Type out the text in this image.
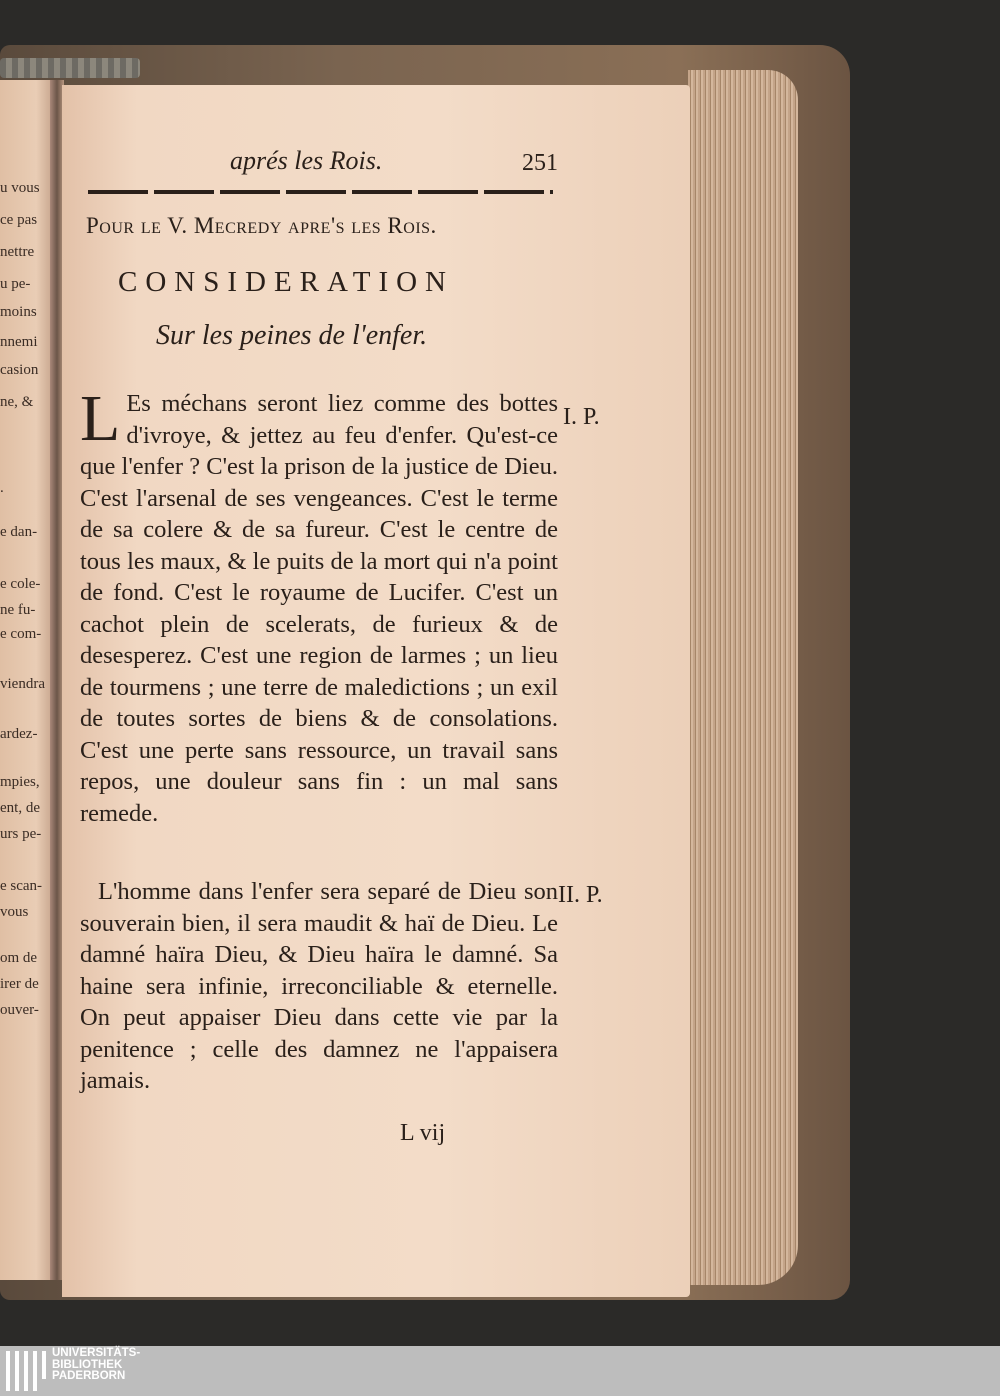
u vous
ce pas
nettre
u pe-
moins
nnemi
casion
ne, &
.
e dan-
e cole-
ne fu-
e com-
viendra
ardez-
mpies,
ent, de
urs pe-
e scan-
vous
om de
irer de
ouver-
aprés les Rois.	251
Pour le V. Mecredy apre's les Rois.
CONSIDERATION
Sur les peines de l'enfer.
L Es méchans seront liez comme des bottes d'ivroye, & jettez au feu d'enfer. Qu'est-ce que l'enfer ? C'est la prison de la justice de Dieu. C'est l'arsenal de ses vengeances. C'est le terme de sa colere & de sa fureur. C'est le centre de tous les maux, & le puits de la mort qui n'a point de fond. C'est le royaume de Lucifer. C'est un cachot plein de scelerats, de furieux & de desesperez. C'est une region de larmes ; un lieu de tourmens ; une terre de maledictions ; un exil de toutes sortes de biens & de consolations. C'est une perte sans ressource, un travail sans repos, une douleur sans fin : un mal sans remede.
I. P.
L'homme dans l'enfer sera separé de Dieu son souverain bien, il sera maudit & haï de Dieu. Le damné haïra Dieu, & Dieu haïra le damné. Sa haine sera infinie, irreconciliable & eternelle. On peut appaiser Dieu dans cette vie par la penitence ; celle des damnez ne l'appaisera jamais.
II. P.
L vij
UNIVERSITÄTS-
BIBLIOTHEK
PADERBORN
